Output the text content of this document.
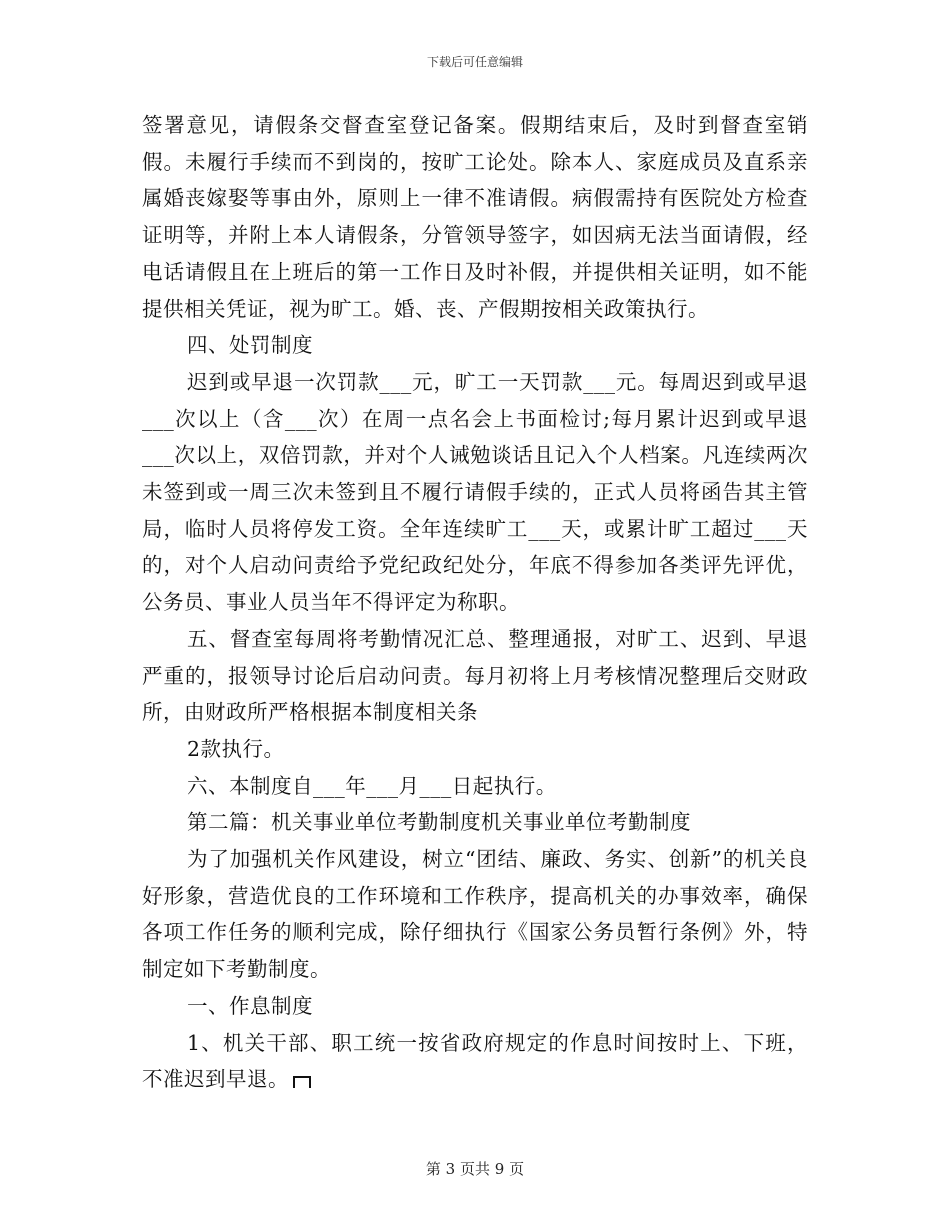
下载后可任意编辑

签署意见，请假条交督查室登记备案。假期结束后，及时到督查室销假。未履行手续而不到岗的，按旷工论处。除本人、家庭成员及直系亲属婚丧嫁娶等事由外，原则上一律不准请假。病假需持有医院处方检查证明等，并附上本人请假条，分管领导签字，如因病无法当面请假，经电话请假且在上班后的第一工作日及时补假，并提供相关证明，如不能提供相关凭证，视为旷工。婚、丧、产假期按相关政策执行。

四、处罚制度

迟到或早退一次罚款___元，旷工一天罚款___元。每周迟到或早退___次以上（含___次）在周一点名会上书面检讨;每月累计迟到或早退___次以上，双倍罚款，并对个人诫勉谈话且记入个人档案。凡连续两次未签到或一周三次未签到且不履行请假手续的，正式人员将函告其主管局，临时人员将停发工资。全年连续旷工___天，或累计旷工超过___天的，对个人启动问责给予党纪政纪处分，年底不得参加各类评先评优，公务员、事业人员当年不得评定为称职。

五、督查室每周将考勤情况汇总、整理通报，对旷工、迟到、早退严重的，报领导讨论后启动问责。每月初将上月考核情况整理后交财政所，由财政所严格根据本制度相关条

2款执行。

六、本制度自___年___月___日起执行。

第二篇：机关事业单位考勤制度机关事业单位考勤制度

为了加强机关作风建设，树立“团结、廉政、务实、创新”的机关良好形象，营造优良的工作环境和工作秩序，提高机关的办事效率，确保各项工作任务的顺利完成，除仔细执行《国家公务员暂行条例》外，特制定如下考勤制度。

一、作息制度

1、机关干部、职工统一按省政府规定的作息时间按时上、下班，不准迟到早退。

第 3 页共 9 页
